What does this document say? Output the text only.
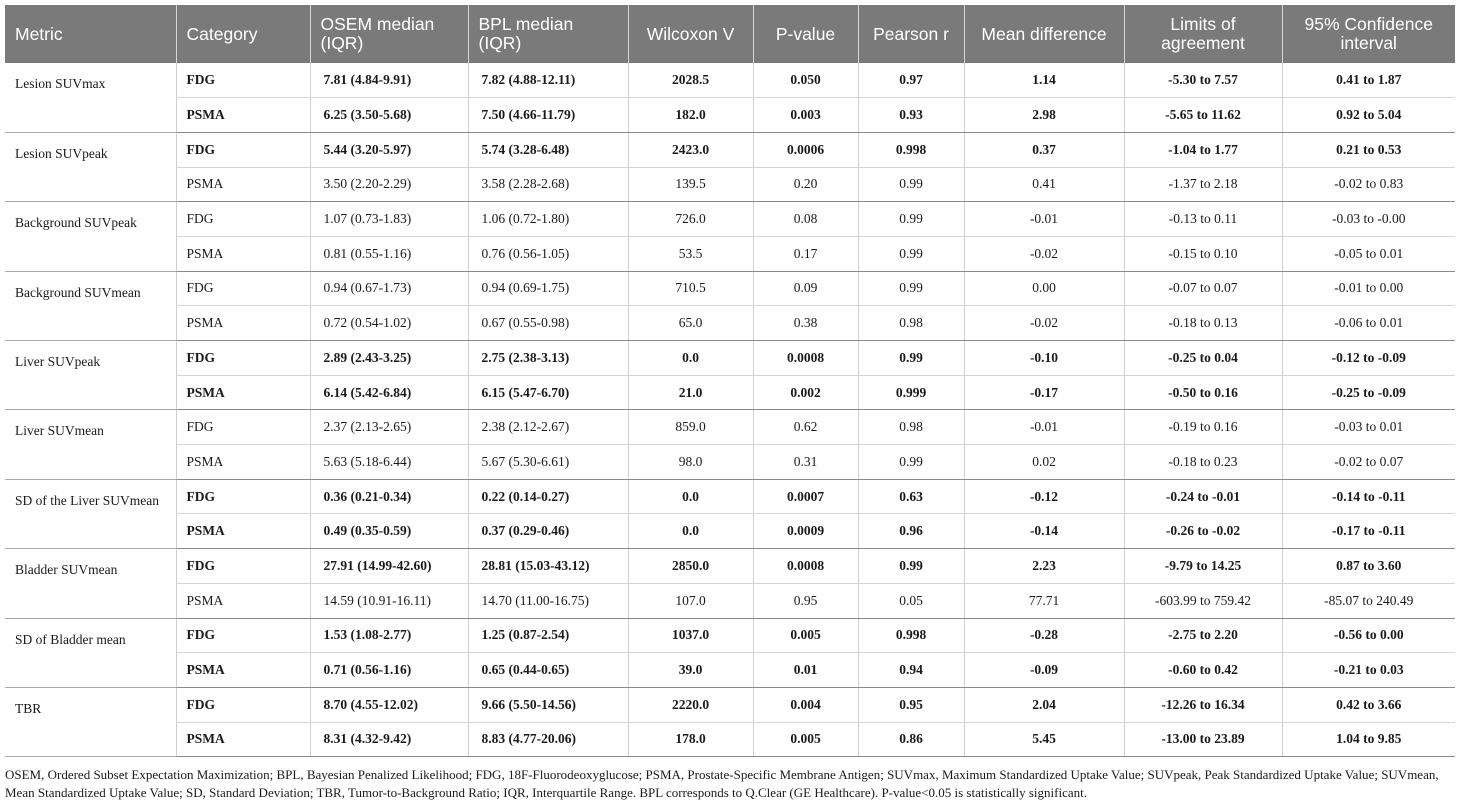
Metric	Category	OSEM median (IQR)	BPL median (IQR)	Wilcoxon V	P-value	Pearson r	Mean difference	Limits of agreement	95% Confidence interval
Lesion SUVmax	FDG	7.81 (4.84-9.91)	7.82 (4.88-12.11)	2028.5	0.050	0.97	1.14	-5.30 to 7.57	0.41 to 1.87
	PSMA	6.25 (3.50-5.68)	7.50 (4.66-11.79)	182.0	0.003	0.93	2.98	-5.65 to 11.62	0.92 to 5.04
Lesion SUVpeak	FDG	5.44 (3.20-5.97)	5.74 (3.28-6.48)	2423.0	0.0006	0.998	0.37	-1.04 to 1.77	0.21 to 0.53
	PSMA	3.50 (2.20-2.29)	3.58 (2.28-2.68)	139.5	0.20	0.99	0.41	-1.37 to 2.18	-0.02 to 0.83
Background SUVpeak	FDG	1.07 (0.73-1.83)	1.06 (0.72-1.80)	726.0	0.08	0.99	-0.01	-0.13 to 0.11	-0.03 to -0.00
	PSMA	0.81 (0.55-1.16)	0.76 (0.56-1.05)	53.5	0.17	0.99	-0.02	-0.15 to 0.10	-0.05 to 0.01
Background SUVmean	FDG	0.94 (0.67-1.73)	0.94 (0.69-1.75)	710.5	0.09	0.99	0.00	-0.07 to 0.07	-0.01 to 0.00
	PSMA	0.72 (0.54-1.02)	0.67 (0.55-0.98)	65.0	0.38	0.98	-0.02	-0.18 to 0.13	-0.06 to 0.01
Liver SUVpeak	FDG	2.89 (2.43-3.25)	2.75 (2.38-3.13)	0.0	0.0008	0.99	-0.10	-0.25 to 0.04	-0.12 to -0.09
	PSMA	6.14 (5.42-6.84)	6.15 (5.47-6.70)	21.0	0.002	0.999	-0.17	-0.50 to 0.16	-0.25 to -0.09
Liver SUVmean	FDG	2.37 (2.13-2.65)	2.38 (2.12-2.67)	859.0	0.62	0.98	-0.01	-0.19 to 0.16	-0.03 to 0.01
	PSMA	5.63 (5.18-6.44)	5.67 (5.30-6.61)	98.0	0.31	0.99	0.02	-0.18 to 0.23	-0.02 to 0.07
SD of the Liver SUVmean	FDG	0.36 (0.21-0.34)	0.22 (0.14-0.27)	0.0	0.0007	0.63	-0.12	-0.24 to -0.01	-0.14 to -0.11
	PSMA	0.49 (0.35-0.59)	0.37 (0.29-0.46)	0.0	0.0009	0.96	-0.14	-0.26 to -0.02	-0.17 to -0.11
Bladder SUVmean	FDG	27.91 (14.99-42.60)	28.81 (15.03-43.12)	2850.0	0.0008	0.99	2.23	-9.79 to 14.25	0.87 to 3.60
	PSMA	14.59 (10.91-16.11)	14.70 (11.00-16.75)	107.0	0.95	0.05	77.71	-603.99 to 759.42	-85.07 to 240.49
SD of Bladder mean	FDG	1.53 (1.08-2.77)	1.25 (0.87-2.54)	1037.0	0.005	0.998	-0.28	-2.75 to 2.20	-0.56 to 0.00
	PSMA	0.71 (0.56-1.16)	0.65 (0.44-0.65)	39.0	0.01	0.94	-0.09	-0.60 to 0.42	-0.21 to 0.03
TBR	FDG	8.70 (4.55-12.02)	9.66 (5.50-14.56)	2220.0	0.004	0.95	2.04	-12.26 to 16.34	0.42 to 3.66
	PSMA	8.31 (4.32-9.42)	8.83 (4.77-20.06)	178.0	0.005	0.86	5.45	-13.00 to 23.89	1.04 to 9.85
OSEM, Ordered Subset Expectation Maximization; BPL, Bayesian Penalized Likelihood; FDG, 18F-Fluorodeoxyglucose; PSMA, Prostate-Specific Membrane Antigen; SUVmax, Maximum Standardized Uptake Value; SUVpeak, Peak Standardized Uptake Value; SUVmean, Mean Standardized Uptake Value; SD, Standard Deviation; TBR, Tumor-to-Background Ratio; IQR, Interquartile Range. BPL corresponds to Q.Clear (GE Healthcare). P-value<0.05 is statistically significant.
